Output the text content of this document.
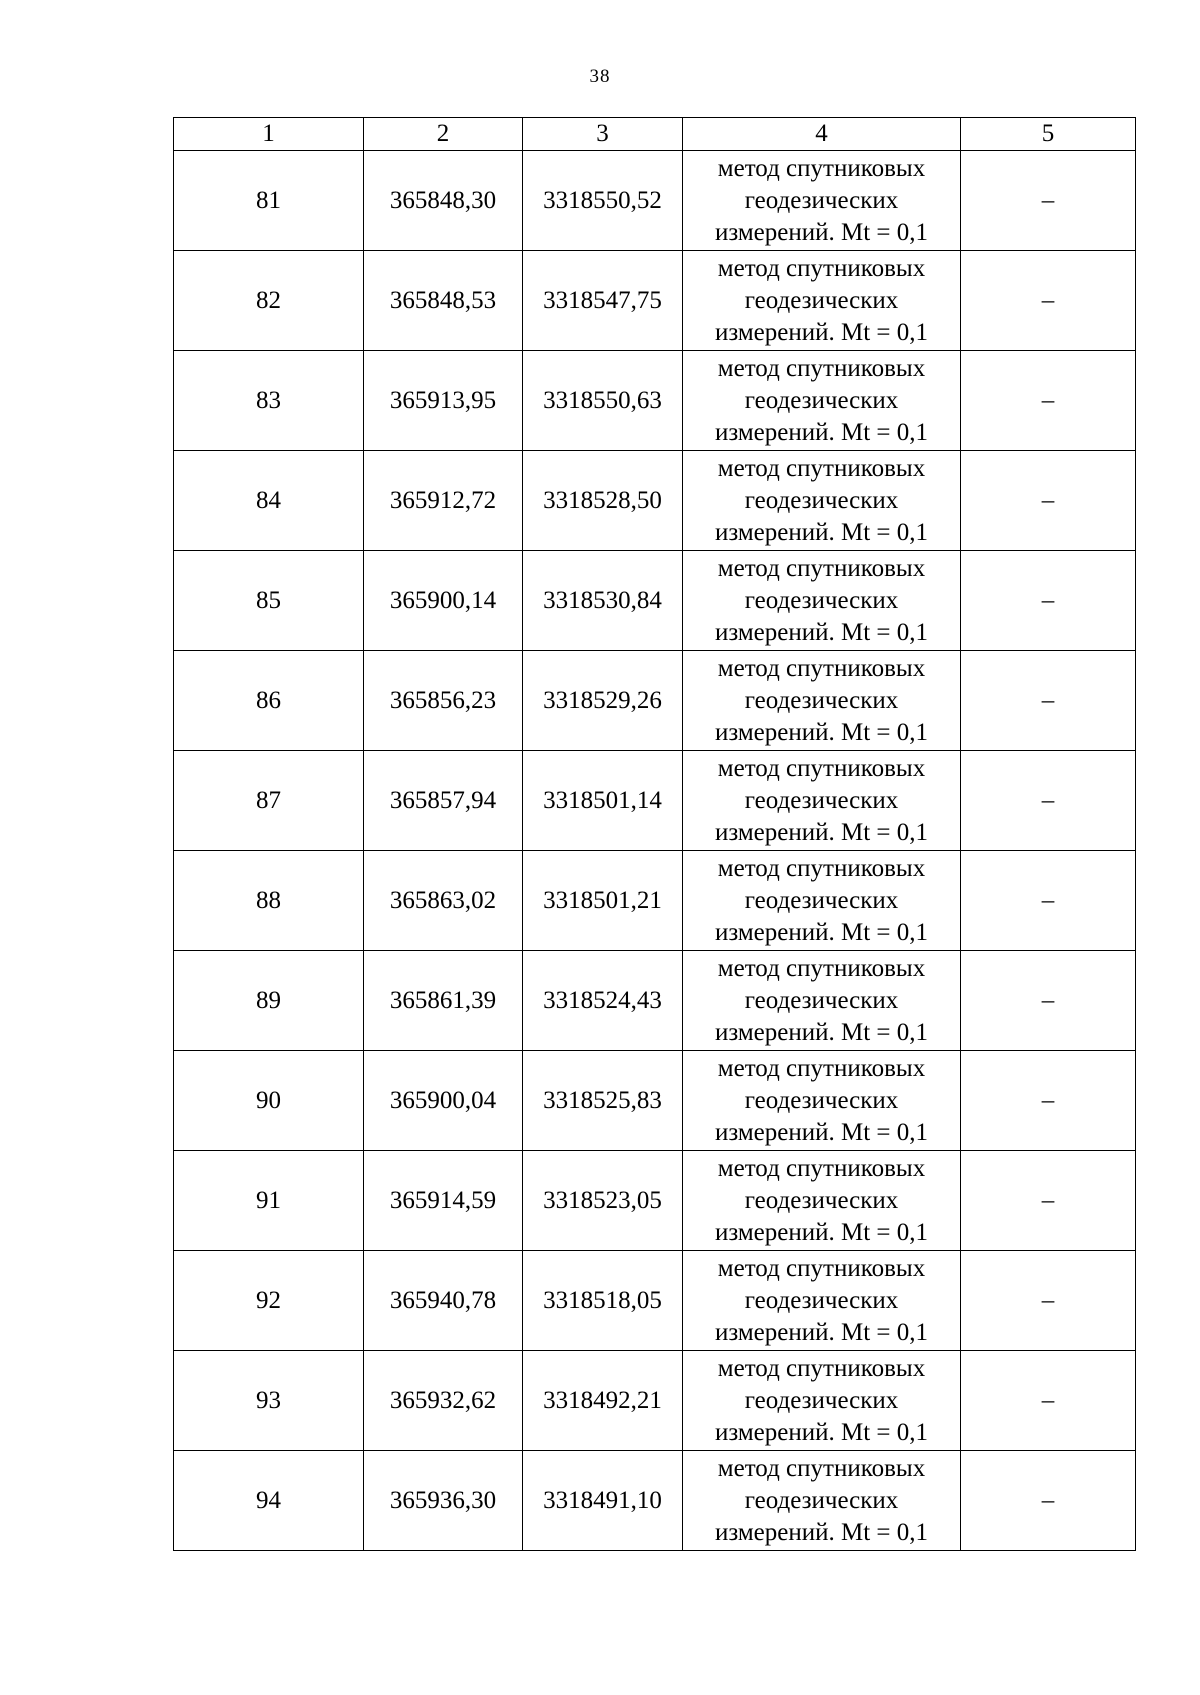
38
1	2	3	4	5
81	365848,30	3318550,52	метод спутниковых
геодезических
измерений. Mt = 0,1	–
82	365848,53	3318547,75	метод спутниковых
геодезических
измерений. Mt = 0,1	–
83	365913,95	3318550,63	метод спутниковых
геодезических
измерений. Mt = 0,1	–
84	365912,72	3318528,50	метод спутниковых
геодезических
измерений. Mt = 0,1	–
85	365900,14	3318530,84	метод спутниковых
геодезических
измерений. Mt = 0,1	–
86	365856,23	3318529,26	метод спутниковых
геодезических
измерений. Mt = 0,1	–
87	365857,94	3318501,14	метод спутниковых
геодезических
измерений. Mt = 0,1	–
88	365863,02	3318501,21	метод спутниковых
геодезических
измерений. Mt = 0,1	–
89	365861,39	3318524,43	метод спутниковых
геодезических
измерений. Mt = 0,1	–
90	365900,04	3318525,83	метод спутниковых
геодезических
измерений. Mt = 0,1	–
91	365914,59	3318523,05	метод спутниковых
геодезических
измерений. Mt = 0,1	–
92	365940,78	3318518,05	метод спутниковых
геодезических
измерений. Mt = 0,1	–
93	365932,62	3318492,21	метод спутниковых
геодезических
измерений. Mt = 0,1	–
94	365936,30	3318491,10	метод спутниковых
геодезических
измерений. Mt = 0,1	–
